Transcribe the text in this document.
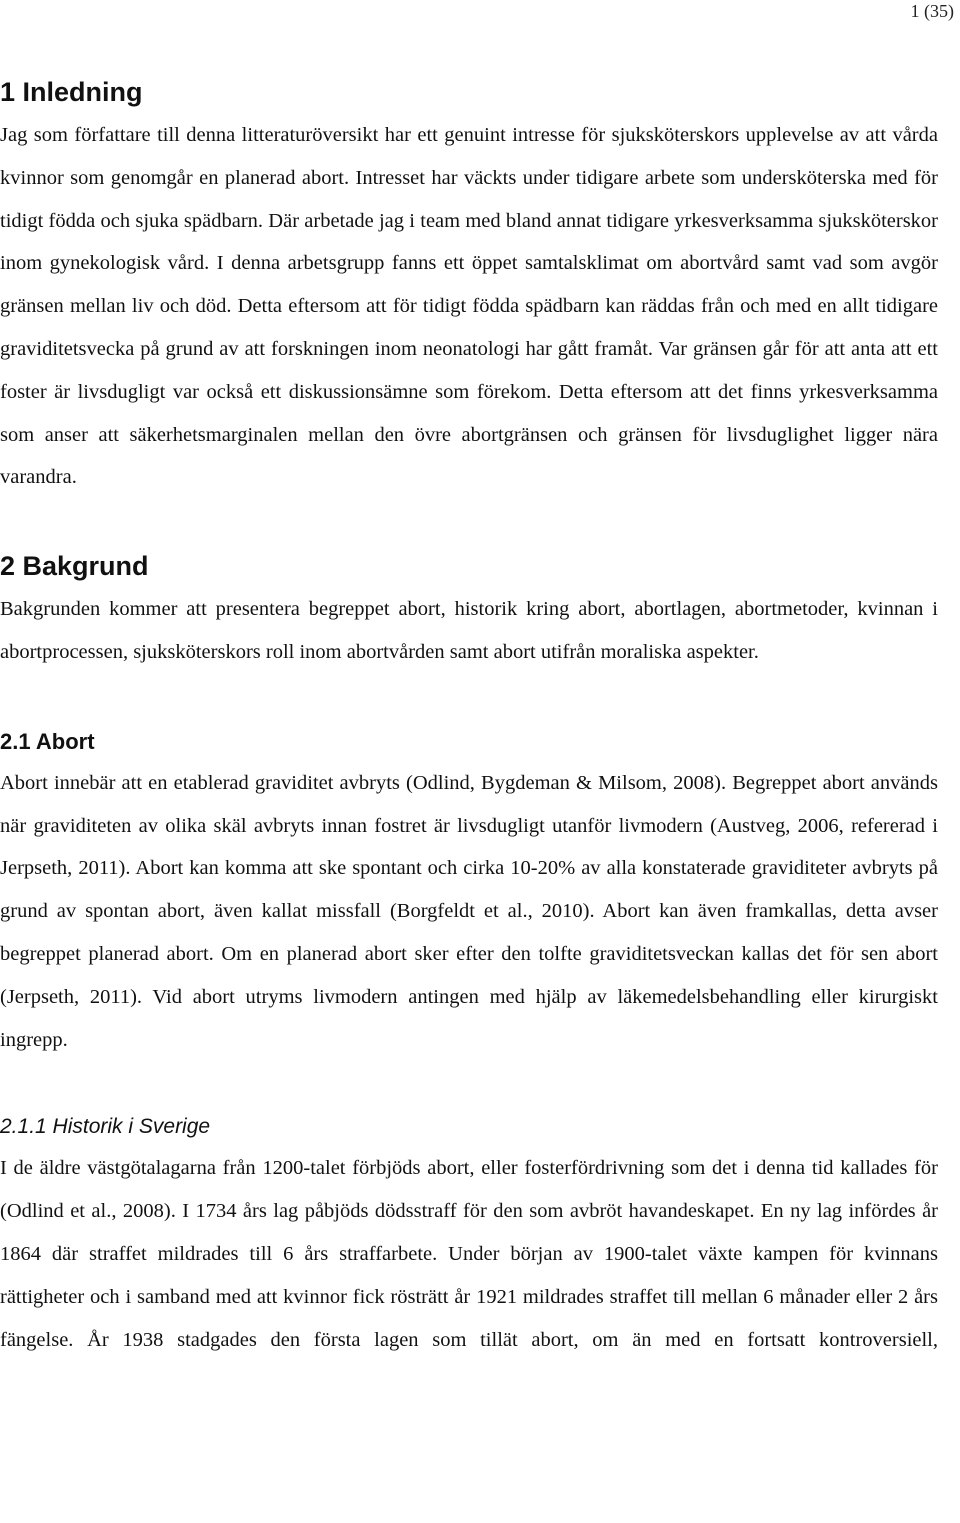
1 (35)
1 Inledning

Jag som författare till denna litteraturöversikt har ett genuint intresse för sjuksköterskors upplevelse av att vårda kvinnor som genomgår en planerad abort. Intresset har väckts under tidigare arbete som undersköterska med för tidigt födda och sjuka spädbarn. Där arbetade jag i team med bland annat tidigare yrkesverksamma sjuksköterskor inom gynekologisk vård. I denna arbetsgrupp fanns ett öppet samtalsklimat om abortvård samt vad som avgör gränsen mellan liv och död. Detta eftersom att för tidigt födda spädbarn kan räddas från och med en allt tidigare graviditetsvecka på grund av att forskningen inom neonatologi har gått framåt. Var gränsen går för att anta att ett foster är livsdugligt var också ett diskussionsämne som förekom. Detta eftersom att det finns yrkesverksamma som anser att säkerhetsmarginalen mellan den övre abortgränsen och gränsen för livsduglighet ligger nära varandra.

2 Bakgrund

Bakgrunden kommer att presentera begreppet abort, historik kring abort, abortlagen, abortmetoder, kvinnan i abortprocessen, sjuksköterskors roll inom abortvården samt abort utifrån moraliska aspekter.

2.1 Abort

Abort innebär att en etablerad graviditet avbryts (Odlind, Bygdeman & Milsom, 2008). Begreppet abort används när graviditeten av olika skäl avbryts innan fostret är livsdugligt utanför livmodern (Austveg, 2006, refererad i Jerpseth, 2011). Abort kan komma att ske spontant och cirka 10-20% av alla konstaterade graviditeter avbryts på grund av spontan abort, även kallat missfall (Borgfeldt et al., 2010). Abort kan även framkallas, detta avser begreppet planerad abort. Om en planerad abort sker efter den tolfte graviditetsveckan kallas det för sen abort (Jerpseth, 2011). Vid abort utryms livmodern antingen med hjälp av läkemedelsbehandling eller kirurgiskt ingrepp.

2.1.1 Historik i Sverige

I de äldre västgötalagarna från 1200-talet förbjöds abort, eller fosterfördrivning som det i denna tid kallades för (Odlind et al., 2008). I 1734 års lag påbjöds dödsstraff för den som avbröt havandeskapet. En ny lag infördes år 1864 där straffet mildrades till 6 års straffarbete. Under början av 1900-talet växte kampen för kvinnans rättigheter och i samband med att kvinnor fick rösträtt år 1921 mildrades straffet till mellan 6 månader eller 2 års fängelse. År 1938 stadgades den första lagen som tillät abort, om än med en fortsatt kontroversiell,
